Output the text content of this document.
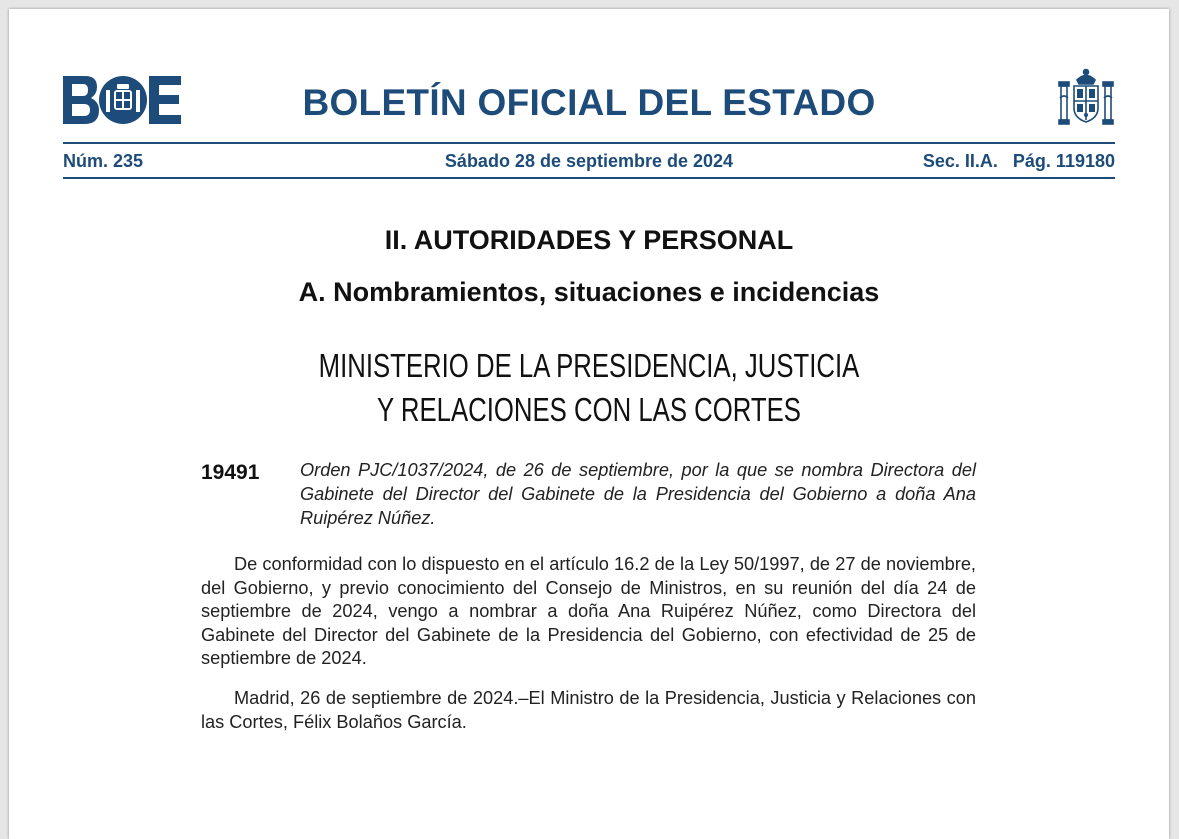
BOLETÍN OFICIAL DEL ESTADO
Núm. 235	Sábado 28 de septiembre de 2024	Sec. II.A. Pág. 119180
II. AUTORIDADES Y PERSONAL
A. Nombramientos, situaciones e incidencias
MINISTERIO DE LA PRESIDENCIA, JUSTICIA
Y RELACIONES CON LAS CORTES
19491 Orden PJC/1037/2024, de 26 de septiembre, por la que se nombra Directora del Gabinete del Director del Gabinete de la Presidencia del Gobierno a doña Ana Ruipérez Núñez.

De conformidad con lo dispuesto en el artículo 16.2 de la Ley 50/1997, de 27 de noviembre, del Gobierno, y previo conocimiento del Consejo de Ministros, en su reunión del día 24 de septiembre de 2024, vengo a nombrar a doña Ana Ruipérez Núñez, como Directora del Gabinete del Director del Gabinete de la Presidencia del Gobierno, con efectividad de 25 de septiembre de 2024.

Madrid, 26 de septiembre de 2024.–El Ministro de la Presidencia, Justicia y Relaciones con las Cortes, Félix Bolaños García.
